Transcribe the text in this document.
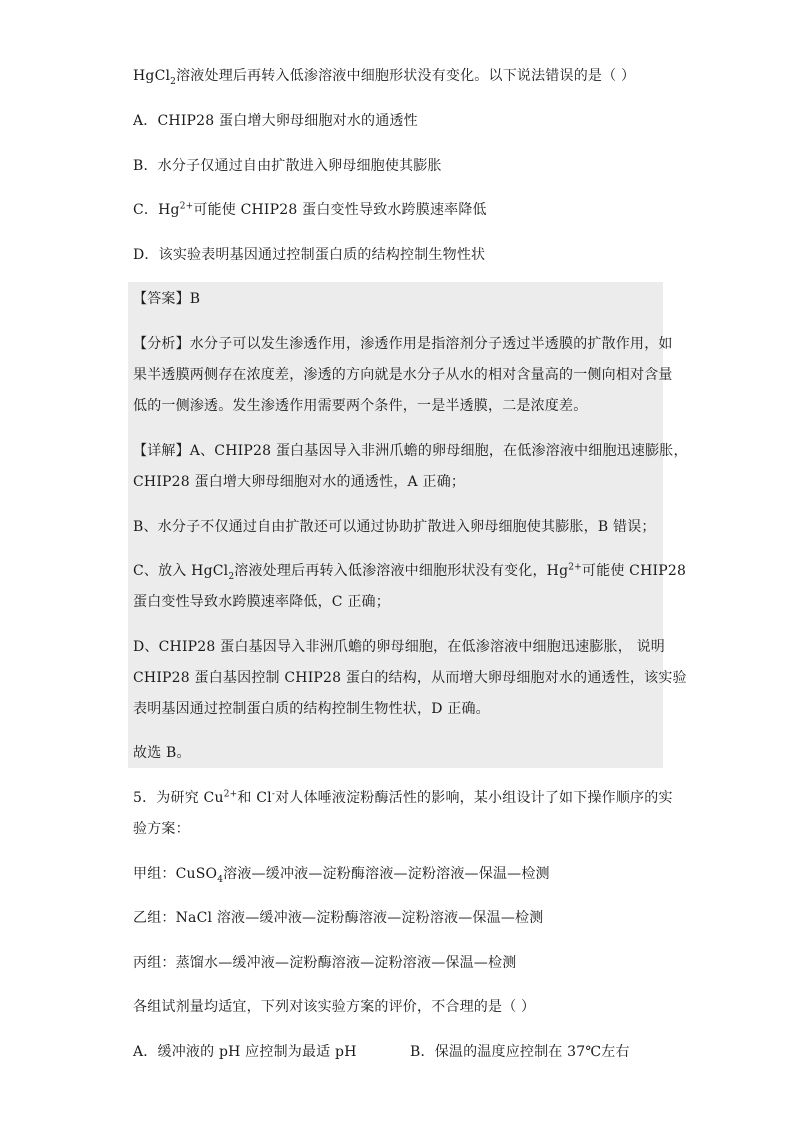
HgCl$_2$溶液处理后再转入低渗溶液中细胞形状没有变化。以下说法错误的是（ ）
A．CHIP28 蛋白增大卵母细胞对水的通透性
B．水分子仅通过自由扩散进入卵母细胞使其膨胀
C．$Hg^{2+}$可能使 CHIP28 蛋白变性导致水跨膜速率降低
D．该实验表明基因通过控制蛋白质的结构控制生物性状
【答案】B
【分析】水分子可以发生渗透作用，渗透作用是指溶剂分子透过半透膜的扩散作用，如
果半透膜两侧存在浓度差，渗透的方向就是水分子从水的相对含量高的一侧向相对含量
低的一侧渗透。发生渗透作用需要两个条件，一是半透膜，二是浓度差。
【详解】A、CHIP28 蛋白基因导入非洲爪蟾的卵母细胞，在低渗溶液中细胞迅速膨胀，
CHIP28 蛋白增大卵母细胞对水的通透性，A 正确；
B、水分子不仅通过自由扩散还可以通过协助扩散进入卵母细胞使其膨胀，B 错误；
C、放入 HgCl$_2$溶液处理后再转入低渗溶液中细胞形状没有变化，$Hg^{2+}$可能使 CHIP28
蛋白变性导致水跨膜速率降低，C 正确；
D、CHIP28 蛋白基因导入非洲爪蟾的卵母细胞，在低渗溶液中细胞迅速膨胀， 说明
CHIP28 蛋白基因控制 CHIP28 蛋白的结构，从而增大卵母细胞对水的通透性，该实验
表明基因通过控制蛋白质的结构控制生物性状，D 正确。
故选 B。
5．为研究 $Cu^{2+}$和 Cl-对人体唾液淀粉酶活性的影响，某小组设计了如下操作顺序的实
验方案：
甲组：CuSO$_4$溶液—缓冲液—淀粉酶溶液—淀粉溶液—保温—检测
乙组：NaCl 溶液—缓冲液—淀粉酶溶液—淀粉溶液—保温—检测
丙组：蒸馏水—缓冲液—淀粉酶溶液—淀粉溶液—保温—检测
各组试剂量均适宜，下列对该实验方案的评价，不合理的是（ ）
A．缓冲液的 pH 应控制为最适 pH	B．保温的温度应控制在 37℃左右
